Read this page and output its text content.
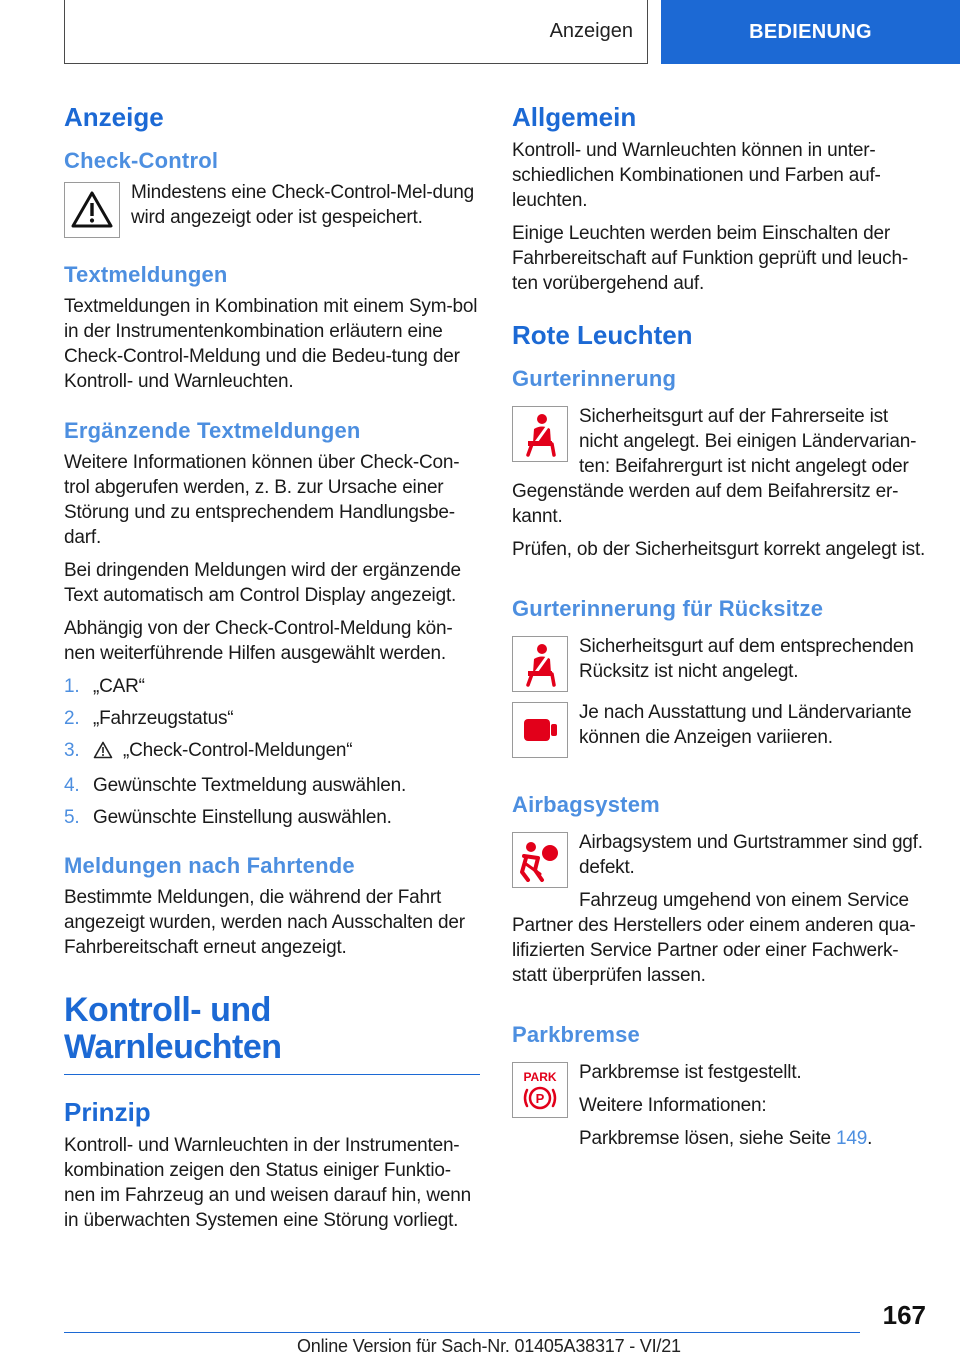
Anzeigen	BEDIENUNG
Anzeige
Check-Control

Mindestens eine Check-Control-Mel-dung wird angezeigt oder ist gespeichert.

Textmeldungen

Textmeldungen in Kombination mit einem Sym-bol in der Instrumentenkombination erläutern eine Check-Control-Meldung und die Bedeu-tung der Kontroll- und Warnleuchten.

Ergänzende Textmeldungen

Weitere Informationen können über Check-Con-trol abgerufen werden, z. B. zur Ursache einer Störung und zu entsprechendem Handlungsbe-darf.

Bei dringenden Meldungen wird der ergänzende Text automatisch am Control Display angezeigt.

Abhängig von der Check-Control-Meldung kön-nen weiterführende Hilfen ausgewählt werden.

1. „CAR“
2. „Fahrzeugstatus“
3.	„Check-Control-Meldungen“
4. Gewünschte Textmeldung auswählen.
5. Gewünschte Einstellung auswählen.
Meldungen nach Fahrtende

Bestimmte Meldungen, die während der Fahrt angezeigt wurden, werden nach Ausschalten der Fahrbereitschaft erneut angezeigt.

Kontroll- und
Warnleuchten
Prinzip

Kontroll- und Warnleuchten in der Instrumenten-kombination zeigen den Status einiger Funktio-nen im Fahrzeug an und weisen darauf hin, wenn in überwachten Systemen eine Störung vorliegt.

Allgemein

Kontroll- und Warnleuchten können in unter-schiedlichen Kombinationen und Farben auf-leuchten.

Einige Leuchten werden beim Einschalten der Fahrbereitschaft auf Funktion geprüft und leuch-ten vorübergehend auf.

Rote Leuchten
Gurterinnerung

Sicherheitsgurt auf der Fahrerseite ist nicht angelegt. Bei einigen Ländervarian-ten: Beifahrergurt ist nicht angelegt oder

Gegenstände werden auf dem Beifahrersitz er-kannt.

Prüfen, ob der Sicherheitsgurt korrekt angelegt ist.

Gurterinnerung für Rücksitze

Sicherheitsgurt auf dem entsprechenden Rücksitz ist nicht angelegt.

Je nach Ausstattung und Ländervariante können die Anzeigen variieren.

Airbagsystem

Airbagsystem und Gurtstrammer sind ggf. defekt.

Fahrzeug umgehend von einem Service

Partner des Herstellers oder einem anderen qua-lifizierten Service Partner oder einer Fachwerk-statt überprüfen lassen.

Parkbremse
PARK
P

Parkbremse ist festgestellt.

Weitere Informationen:

Parkbremse lösen, siehe Seite 149.

167
Online Version für Sach-Nr. 01405A38317 - VI/21
